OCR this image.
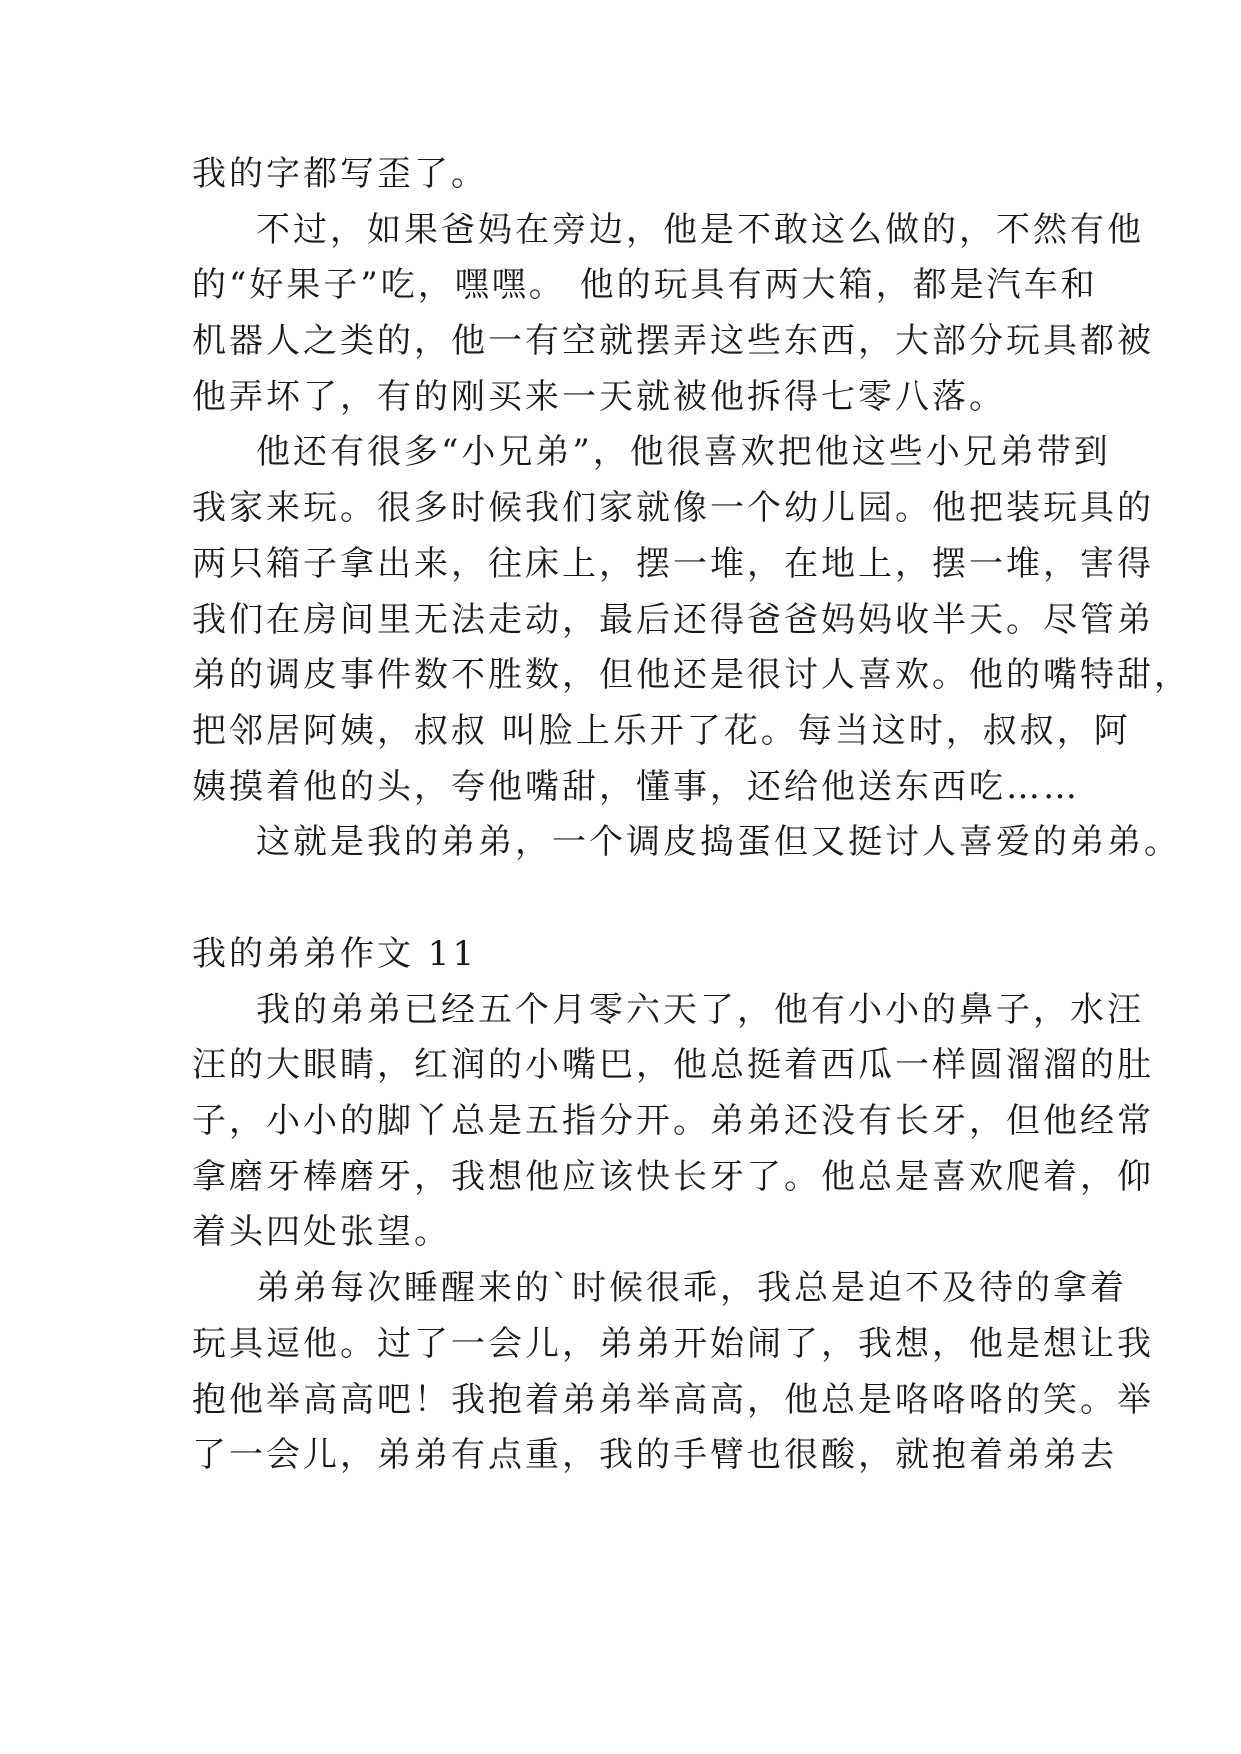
我的字都写歪了。
不过，如果爸妈在旁边，他是不敢这么做的，不然有他
的“好果子”吃，嘿嘿。 他的玩具有两大箱，都是汽车和
机器人之类的，他一有空就摆弄这些东西，大部分玩具都被
他弄坏了，有的刚买来一天就被他拆得七零八落。
他还有很多“小兄弟”，他很喜欢把他这些小兄弟带到
我家来玩。很多时候我们家就像一个幼儿园。他把装玩具的
两只箱子拿出来，往床上，摆一堆，在地上，摆一堆，害得
我们在房间里无法走动，最后还得爸爸妈妈收半天。尽管弟
弟的调皮事件数不胜数，但他还是很讨人喜欢。他的嘴特甜，
把邻居阿姨，叔叔 叫脸上乐开了花。每当这时，叔叔，阿
姨摸着他的头，夸他嘴甜，懂事，还给他送东西吃……
这就是我的弟弟，一个调皮捣蛋但又挺讨人喜爱的弟弟。
我的弟弟作文 11
我的弟弟已经五个月零六天了，他有小小的鼻子，水汪
汪的大眼睛，红润的小嘴巴，他总挺着西瓜一样圆溜溜的肚
子，小小的脚丫总是五指分开。弟弟还没有长牙，但他经常
拿磨牙棒磨牙，我想他应该快长牙了。他总是喜欢爬着，仰
着头四处张望。
弟弟每次睡醒来的`时候很乖，我总是迫不及待的拿着
玩具逗他。过了一会儿，弟弟开始闹了，我想，他是想让我
抱他举高高吧！我抱着弟弟举高高，他总是咯咯咯的笑。举
了一会儿，弟弟有点重，我的手臂也很酸，就抱着弟弟去
